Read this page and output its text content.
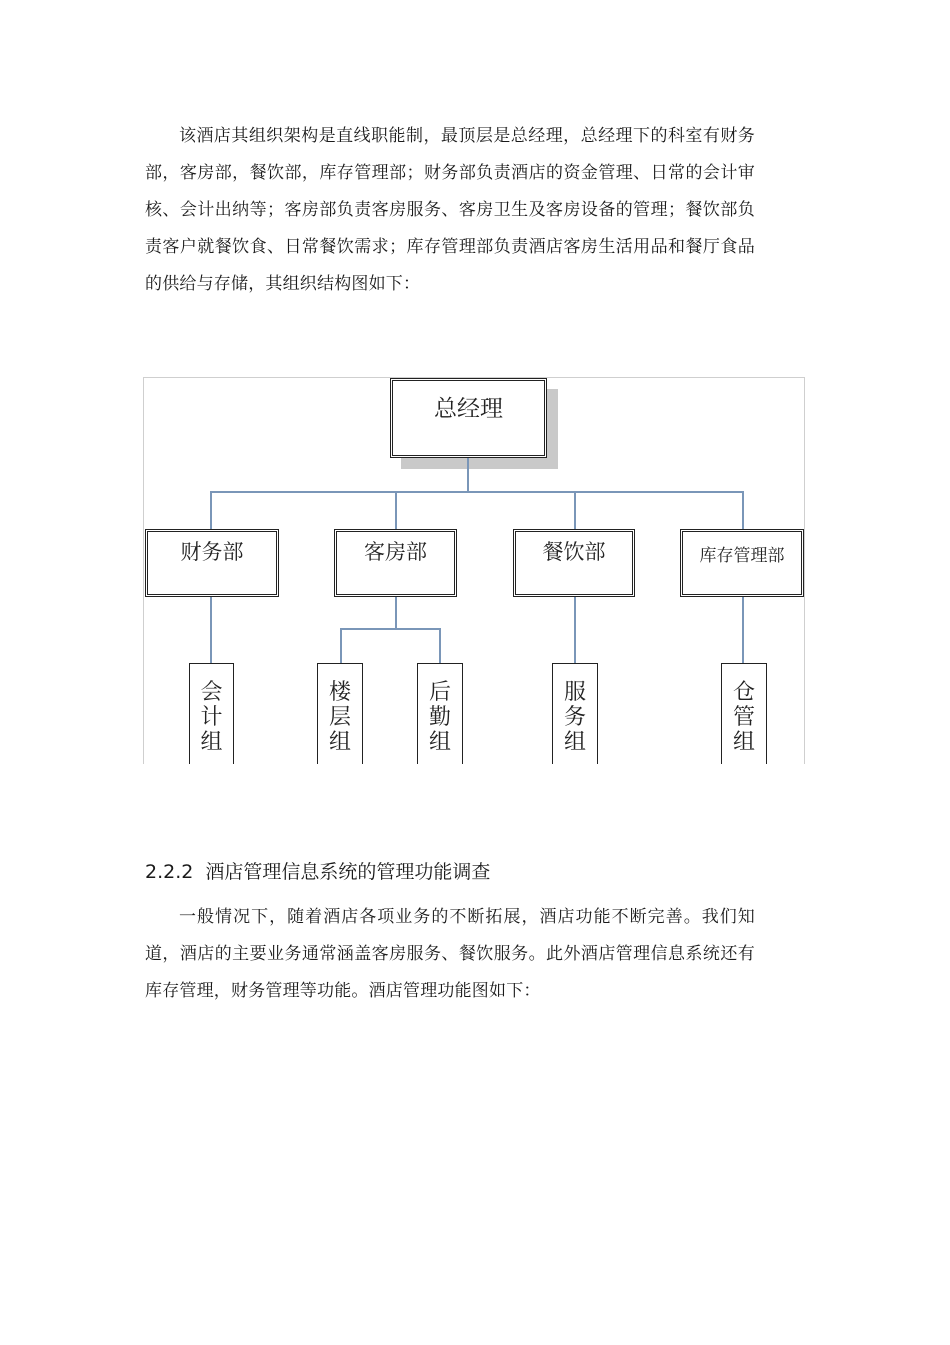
该酒店其组织架构是直线职能制，最顶层是总经理，总经理下的科室有财务部，客房部，餐饮部，库存管理部；财务部负责酒店的资金管理、日常的会计审核、会计出纳等；客房部负责客房服务、客房卫生及客房设备的管理；餐饮部负责客户就餐饮食、日常餐饮需求；库存管理部负责酒店客房生活用品和餐厅食品的供给与存储，其组织结构图如下：

总经理
财务部	客房部	餐饮部	库存管理部
会计组
楼层组
后勤组
服务组
仓管组
2.2.2 酒店管理信息系统的管理功能调查

一般情况下，随着酒店各项业务的不断拓展，酒店功能不断完善。我们知道，酒店的主要业务通常涵盖客房服务、餐饮服务。此外酒店管理信息系统还有库存管理，财务管理等功能。酒店管理功能图如下：
